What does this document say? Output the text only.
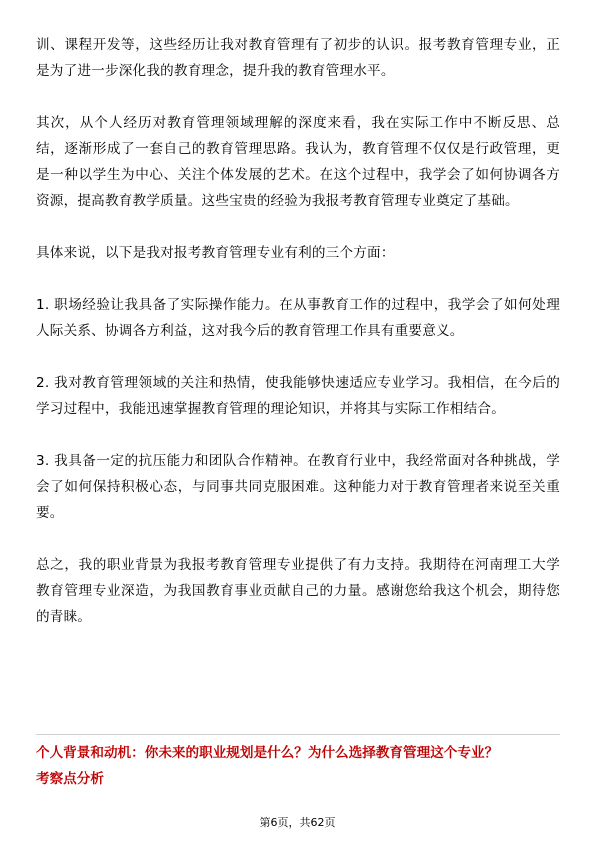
训、课程开发等，这些经历让我对教育管理有了初步的认识。报考教育管理专业，正是为了进一步深化我的教育理念，提升我的教育管理水平。

其次，从个人经历对教育管理领域理解的深度来看，我在实际工作中不断反思、总结，逐渐形成了一套自己的教育管理思路。我认为，教育管理不仅仅是行政管理，更是一种以学生为中心、关注个体发展的艺术。在这个过程中，我学会了如何协调各方资源，提高教育教学质量。这些宝贵的经验为我报考教育管理专业奠定了基础。

具体来说，以下是我对报考教育管理专业有利的三个方面：

1. 职场经验让我具备了实际操作能力。在从事教育工作的过程中，我学会了如何处理人际关系、协调各方利益，这对我今后的教育管理工作具有重要意义。

2. 我对教育管理领域的关注和热情，使我能够快速适应专业学习。我相信，在今后的学习过程中，我能迅速掌握教育管理的理论知识，并将其与实际工作相结合。

3. 我具备一定的抗压能力和团队合作精神。在教育行业中，我经常面对各种挑战，学会了如何保持积极心态，与同事共同克服困难。这种能力对于教育管理者来说至关重要。

总之，我的职业背景为我报考教育管理专业提供了有力支持。我期待在河南理工大学教育管理专业深造，为我国教育事业贡献自己的力量。感谢您给我这个机会，期待您的青睐。

个人背景和动机：你未来的职业规划是什么？为什么选择教育管理这个专业？

考察点分析

第6页，共62页
